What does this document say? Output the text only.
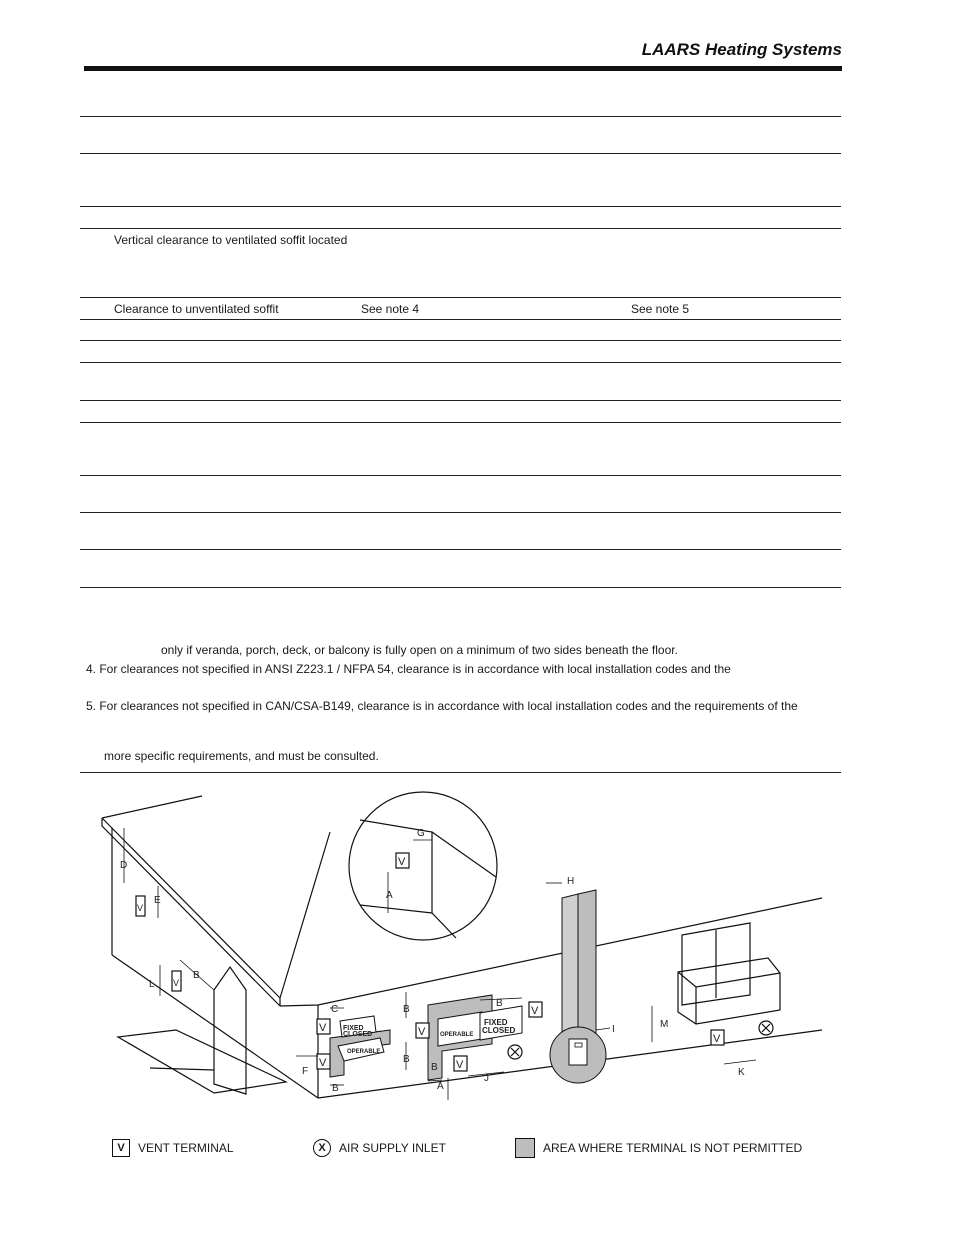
LAARS Heating Systems
Vertical clearance to ventilated soffit located
Clearance to unventilated soffit	See note 4	See note 5
only if veranda, porch, deck, or balcony is fully open on a minimum of two sides beneath the floor.
4. For clearances not specified in ANSI Z223.1 / NFPA 54, clearance is in accordance with local installation codes and the
5. For clearances not specified in CAN/CSA-B149, clearance is in accordance with local installation codes and the requirements of the
more specific requirements, and must be consulted.
FIXED
CLOSED
OPERABLE
OPERABLE
FIXED
CLOSED
V
V
V
V
V
V
V
V
V
G
A
D
E
L
B
F
C
B
B
B
B
A
J
B
H
I	M
K
V	VENT TERMINAL	X	AIR SUPPLY INLET	AREA WHERE TERMINAL IS NOT PERMITTED
